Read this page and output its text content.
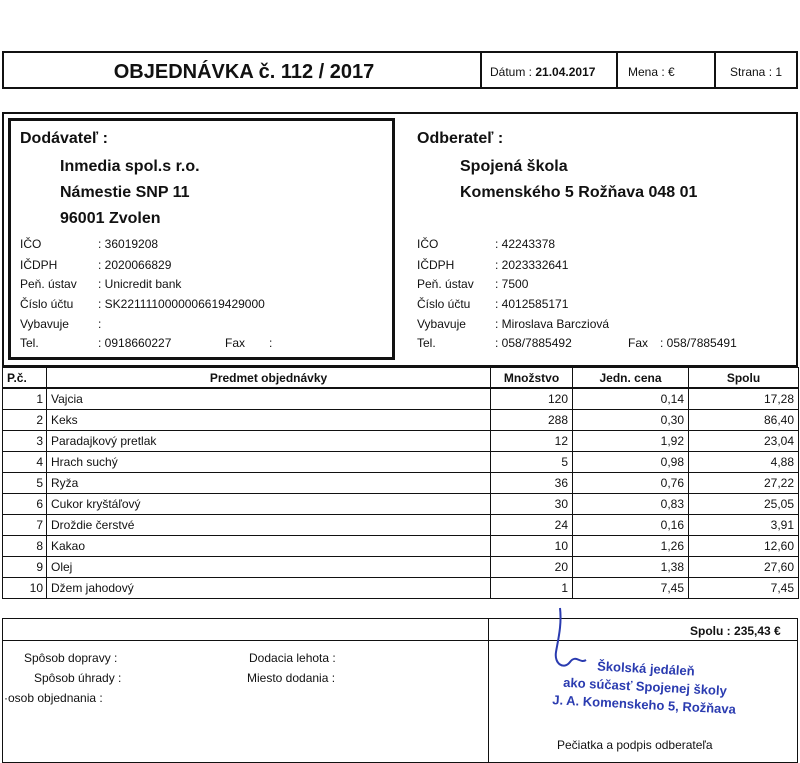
OBJEDNÁVKA č. 112 / 2017	Dátum : 21.04.2017	Mena : €	Strana : 1
Dodávateľ :
Inmedia spol.s r.o.
Námestie SNP 11
96001 Zvolen
IČO	: 36019208
IČDPH	: 2020066829
Peň. ústav : Unicredit bank
Číslo účtu : SK2211110000006619429000
Vybavuje :
Tel.	: 0918660227	Fax :
Odberateľ :
Spojená škola
Komenského 5 Rožňava 048 01
IČO	: 42243378
IČDPH	: 2023332641
Peň. ústav : 7500
Číslo účtu : 4012585171
Vybavuje : Miroslava Barcziová
Tel.	: 058/7885492	Fax : 058/7885491
P.č.	Predmet objednávky	Množstvo	Jedn. cena	Spolu
1	Vajcia	120	0,14	17,28
2	Keks	288	0,30	86,40
3	Paradajkový pretlak	12	1,92	23,04
4	Hrach suchý	5	0,98	4,88
5	Ryža	36	0,76	27,22
6	Cukor kryštáľový	30	0,83	25,05
7	Droždie čerstvé	24	0,16	3,91
8	Kakao	10	1,26	12,60
9	Olej	20	1,38	27,60
10	Džem jahodový	1	7,45	7,45
Spolu : 235,43 €
Spôsob dopravy :
Spôsob úhrady :
·osob objednania :
Dodacia lehota :
Miesto dodania :	Školská jedáleň
ako súčasť Spojenej školy
J. A. Komenskeho 5, Rožňava
Pečiatka a podpis odberateľa
